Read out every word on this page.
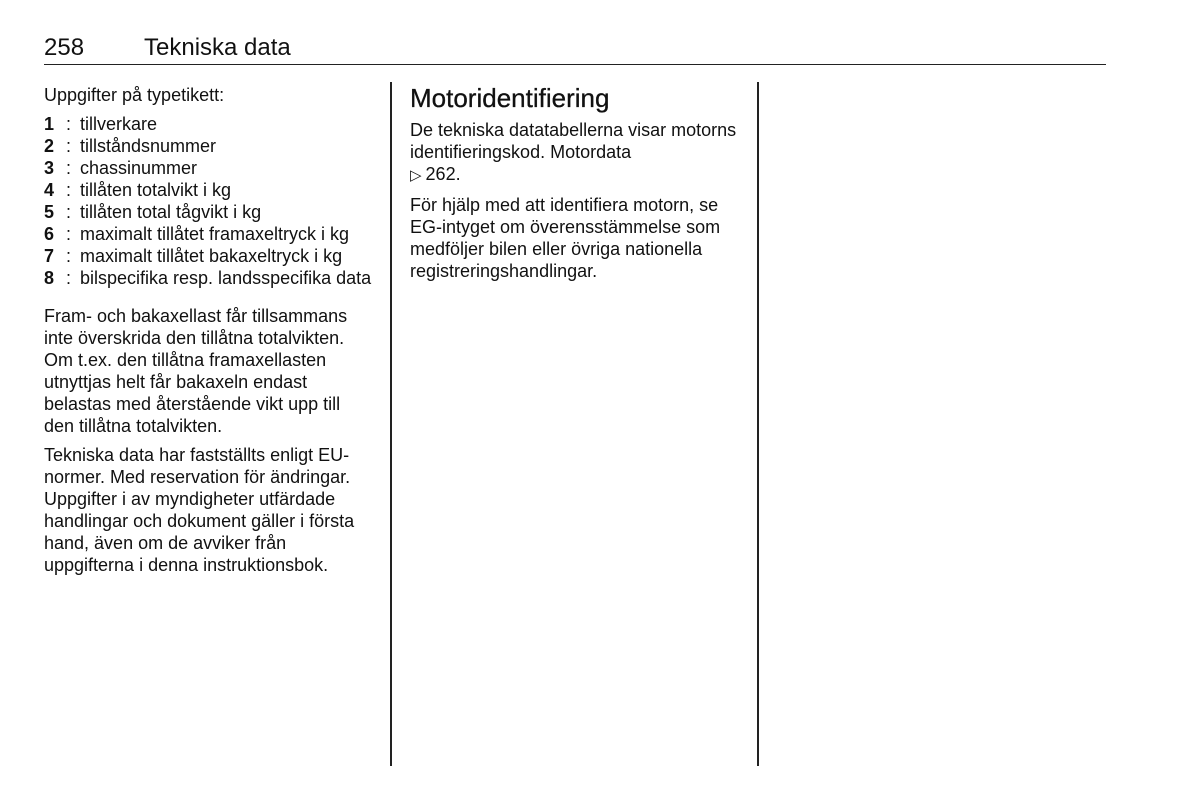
258 Tekniska data
Uppgifter på typetikett:
1 : tillverkare
2 : tillståndsnummer
3 : chassinummer
4 : tillåten totalvikt i kg
5 : tillåten total tågvikt i kg
6 : maximalt tillåtet framaxeltryck i kg
7 : maximalt tillåtet bakaxeltryck i kg
8 : bilspecifika resp. landsspecifika data

Fram- och bakaxellast får tillsammans inte överskrida den tillåtna totalvikten. Om t.ex. den tillåtna framaxellasten utnyttjas helt får bakaxeln endast belastas med återstående vikt upp till den tillåtna totalvikten.

Tekniska data har fastställts enligt EU-normer. Med reservation för ändringar. Uppgifter i av myndigheter utfärdade handlingar och dokument gäller i första hand, även om de avviker från uppgifterna i denna instruktionsbok.

Motoridentifiering

De tekniska datatabellerna visar motorns identifieringskod. Motordata
▷ 262.

För hjälp med att identifiera motorn, se EG-intyget om överensstämmelse som medföljer bilen eller övriga nationella registreringshandlingar.
